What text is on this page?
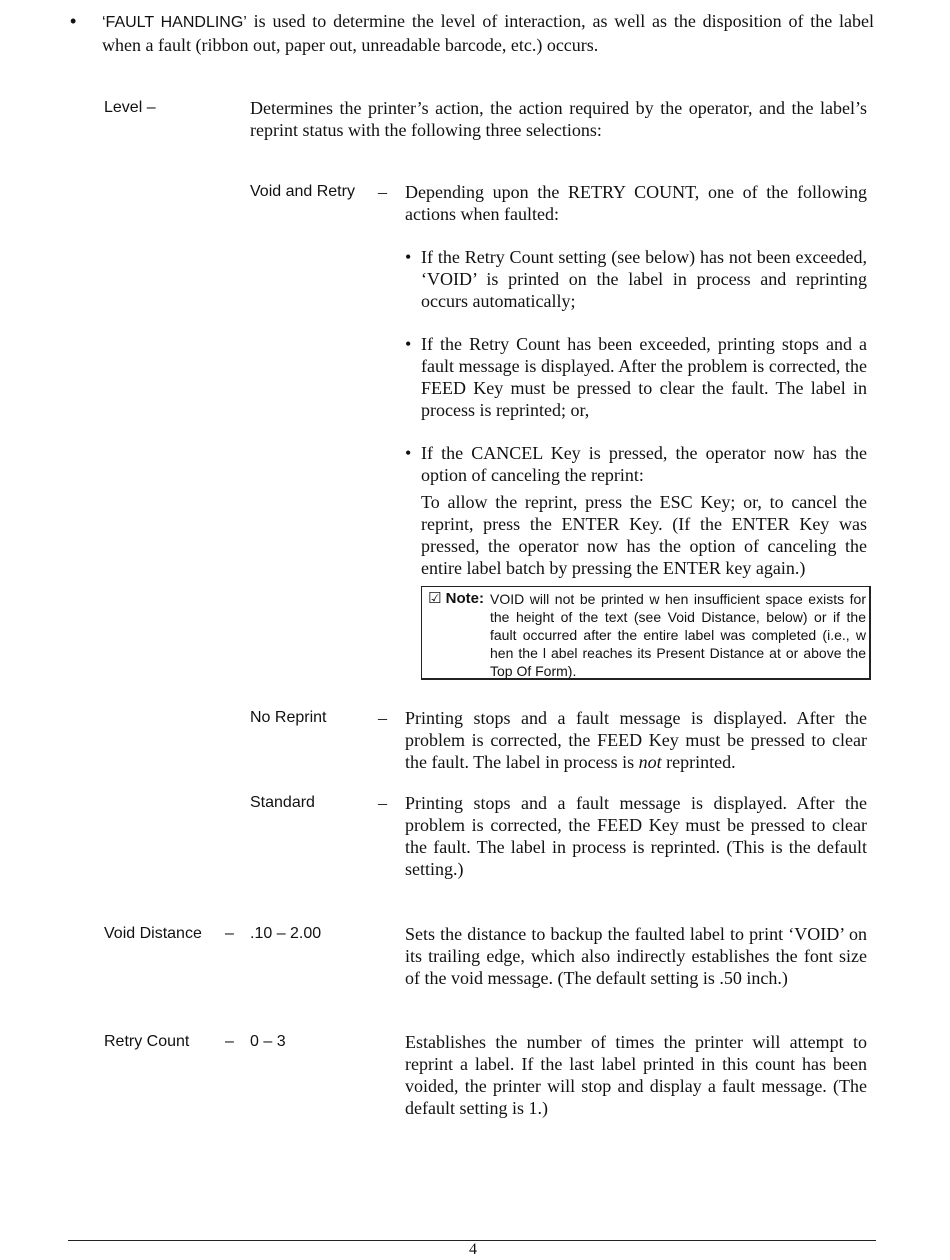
• ‘FAULT HANDLING’ is used to determine the level of interaction, as well as the disposition of the label when a fault (ribbon out, paper out, unreadable barcode, etc.) occurs.
Level –	Determines the printer’s action, the action required by the operator, and the label’s reprint status with the following three selections:
Void and Retry – Depending upon the RETRY COUNT, one of the following actions when faulted:
• If the Retry Count setting (see below) has not been exceeded, ‘VOID’ is printed on the label in process and reprinting occurs automatically;
• If the Retry Count has been exceeded, printing stops and a fault message is displayed. After the problem is corrected, the FEED Key must be pressed to clear the fault. The label in process is reprinted; or,
• If the CANCEL Key is pressed, the operator now has the option of canceling the reprint:
To allow the reprint, press the ESC Key; or, to cancel the reprint, press the ENTER Key. (If the ENTER Key was pressed, the operator now has the option of canceling the entire label batch by pressing the ENTER key again.)
☑ Note: VOID will not be printed w hen insufficient space exists for the height of the text (see Void Distance, below) or if the fault occurred after the entire label was completed (i.e., w hen the l abel reaches its Present Distance at or above the Top Of Form).
No Reprint	– Printing stops and a fault message is displayed. After the problem is corrected, the FEED Key must be pressed to clear the fault. The label in process is not reprinted.
Standard	– Printing stops and a fault message is displayed. After the problem is corrected, the FEED Key must be pressed to clear the fault. The label in process is reprinted. (This is the default setting.)
Void Distance – .10 – 2.00	Sets the distance to backup the faulted label to print ‘VOID’ on its trailing edge, which also indirectly establishes the font size of the void message. (The default setting is .50 inch.)
Retry Count – 0 – 3	Establishes the number of times the printer will attempt to reprint a label. If the last label printed in this count has been voided, the printer will stop and display a fault message. (The default setting is 1.)
4
